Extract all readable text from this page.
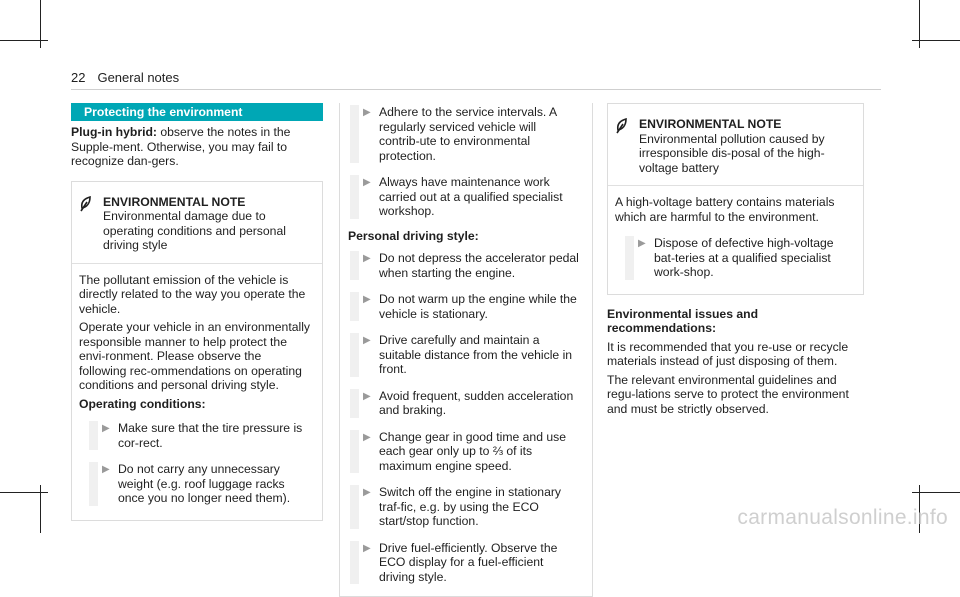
22 General notes
Protecting the environment

Plug-in hybrid: observe the notes in the Supple-ment. Otherwise, you may fail to recognize dan-gers.

ENVIRONMENTAL NOTE Environmental damage due to operating conditions and personal driving style

The pollutant emission of the vehicle is directly related to the way you operate the vehicle.

Operate your vehicle in an environmentally responsible manner to help protect the envi-ronment. Please observe the following rec-ommendations on operating conditions and personal driving style.

Operating conditions:

▶ Make sure that the tire pressure is cor-rect.
▶ Do not carry any unnecessary weight (e.g. roof luggage racks once you no longer need them).
▶ Adhere to the service intervals. A regularly serviced vehicle will contrib-ute to environmental protection.
▶ Always have maintenance work carried out at a qualified specialist workshop.

Personal driving style:

▶ Do not depress the accelerator pedal when starting the engine.
▶ Do not warm up the engine while the vehicle is stationary.
▶ Drive carefully and maintain a suitable distance from the vehicle in front.
▶ Avoid frequent, sudden acceleration and braking.
▶ Change gear in good time and use each gear only up to ⅔ of its maximum engine speed.
▶ Switch off the engine in stationary traf-fic, e.g. by using the ECO start/stop function.
▶ Drive fuel-efficiently. Observe the ECO display for a fuel-efficient driving style.
ENVIRONMENTAL NOTE Environmental pollution caused by irresponsible dis-posal of the high-voltage battery

A high-voltage battery contains materials which are harmful to the environment.

▶ Dispose of defective high-voltage bat-teries at a qualified specialist work-shop.

Environmental issues and recommendations:

It is recommended that you re-use or recycle materials instead of just disposing of them.

The relevant environmental guidelines and regu-lations serve to protect the environment and must be strictly observed.

carmanualsonline.info
